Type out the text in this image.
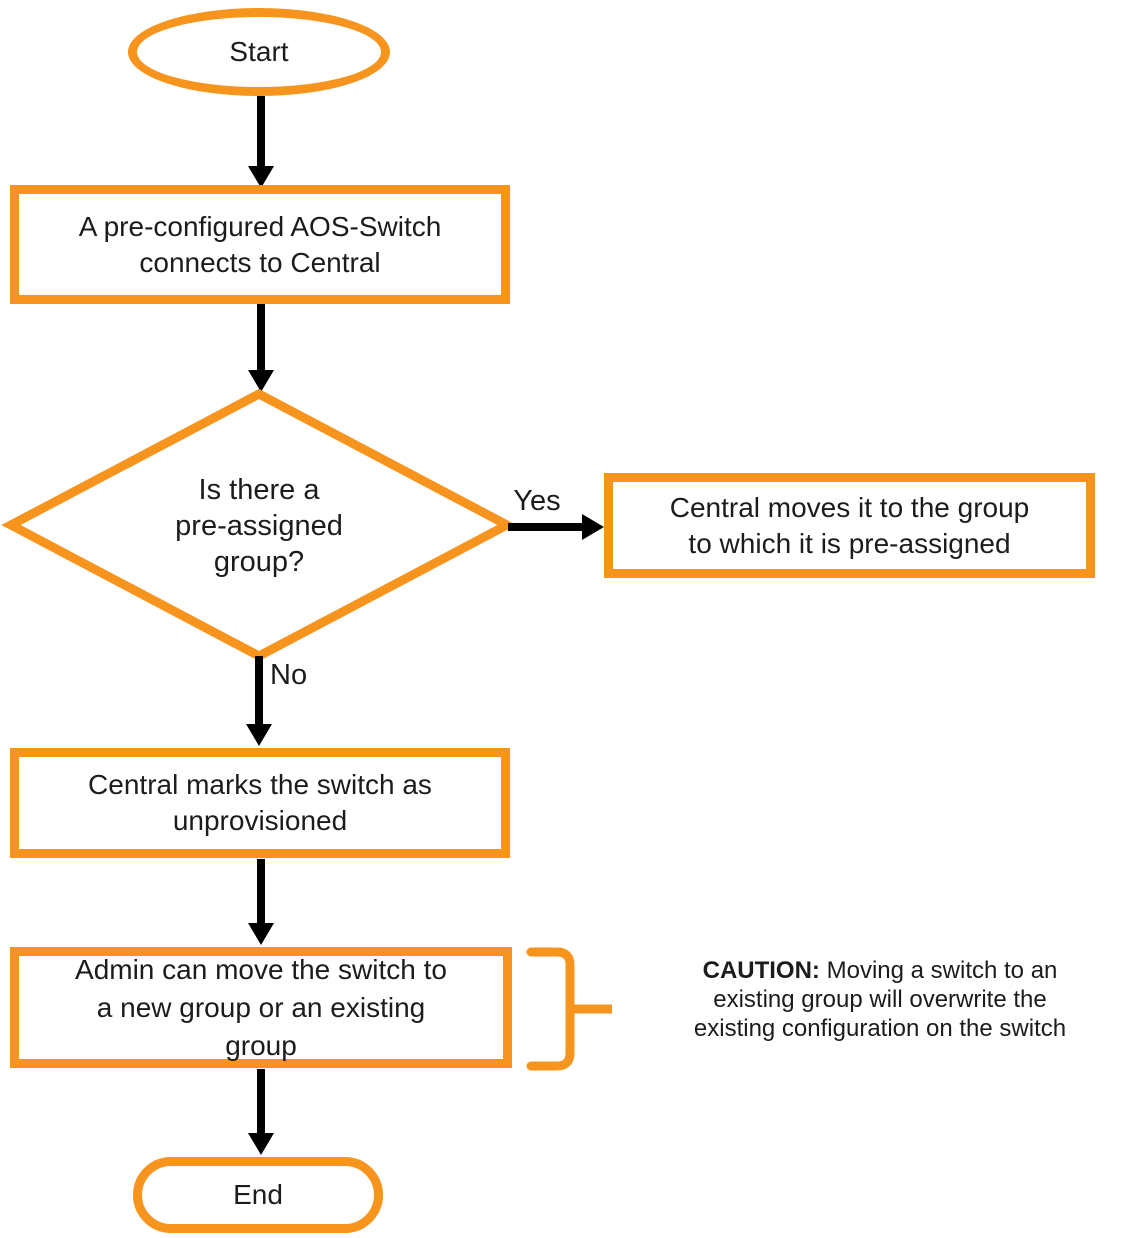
Start
A pre-configured AOS-Switch
connects to Central
Is there a
pre-assigned
group?
Yes
No
Central moves it to the group
to which it is pre-assigned
Central marks the switch as
unprovisioned
Admin can move the switch to
a new group or an existing
group
CAUTION: Moving a switch to an
existing group will overwrite the
existing configuration on the switch
End
